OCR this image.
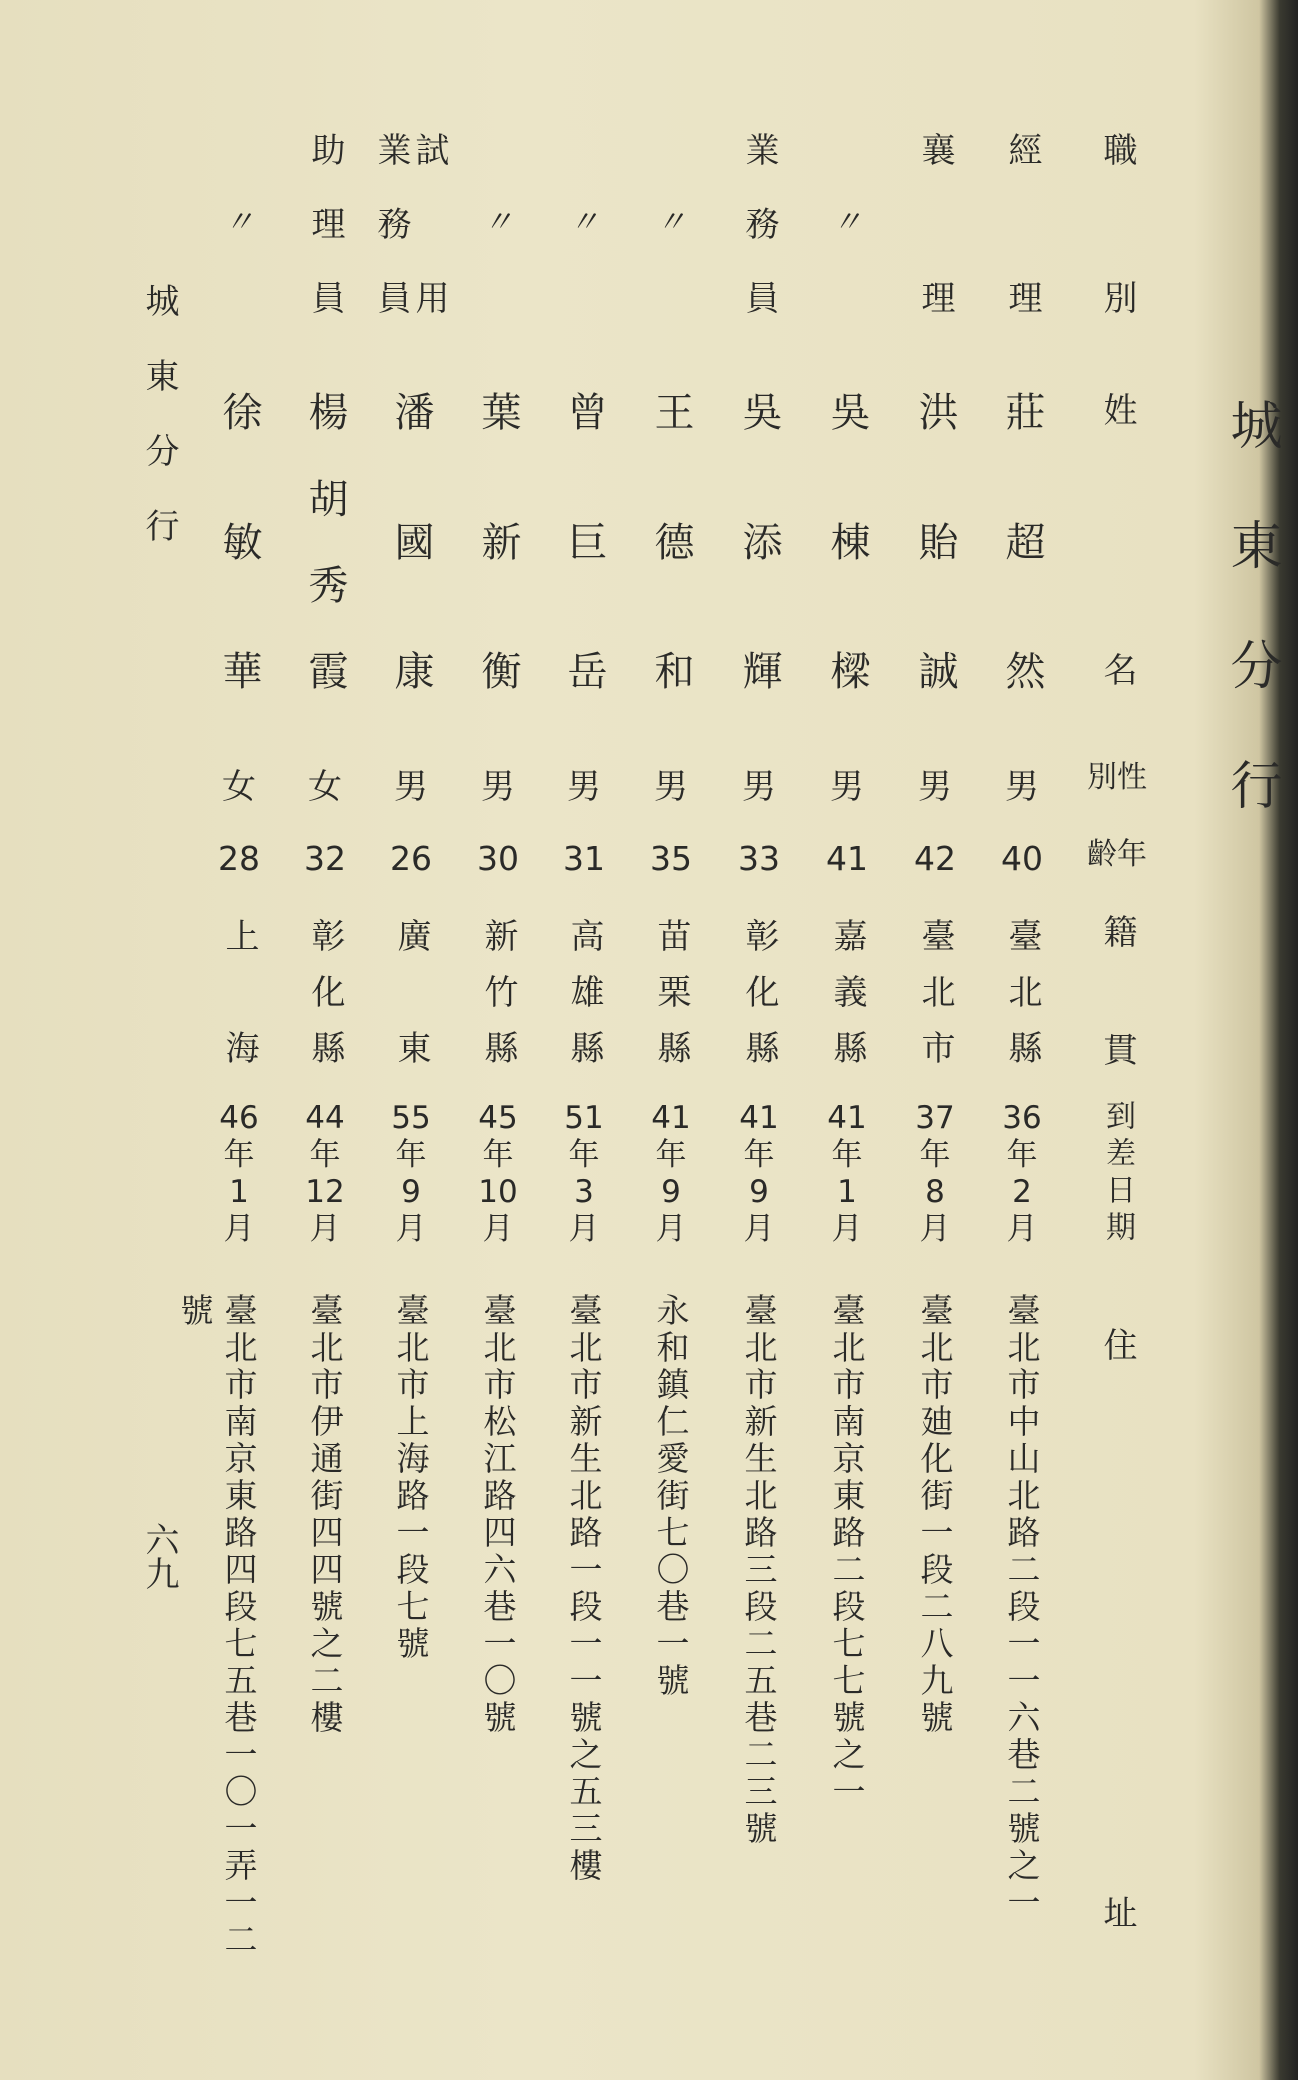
城東分行
職別
姓
名
性別
年齡
籍
貫
到差日期
住
址
經理
莊
超
然
男
40
臺北縣
36年2月
臺北市中山北路二段一一六巷二號之一
襄理
洪
貽
誠
男
42
臺北市
37年8月
臺北市廸化街一段二八九號
〃
吳
棟
樑
男
41
嘉義縣
41年1月
臺北市南京東路二段七七號之一
業務員
吳
添
輝
男
33
彰化縣
41年9月
臺北市新生北路三段二五巷二三號
〃
王
德
和
男
35
苗栗縣
41年9月
永和鎮仁愛街七〇巷一號
〃
曾
巨
岳
男
31
高雄縣
51年3月
臺北市新生北路一段一一號之五三樓
〃
葉
新
衡
男
30
新竹縣
45年10月
臺北市松江路四六巷一〇號
試用
業務員
潘
國
康
男
26
廣東
55年9月
臺北市上海路一段七號
助理員
楊
胡
秀
霞
女
32
彰化縣
44年12月
臺北市伊通街四四號之二樓
〃
徐
敏
華
女
28
上海
46年1月
臺北市南京東路四段七五巷一〇一弄一二
號
城東分行
六九
